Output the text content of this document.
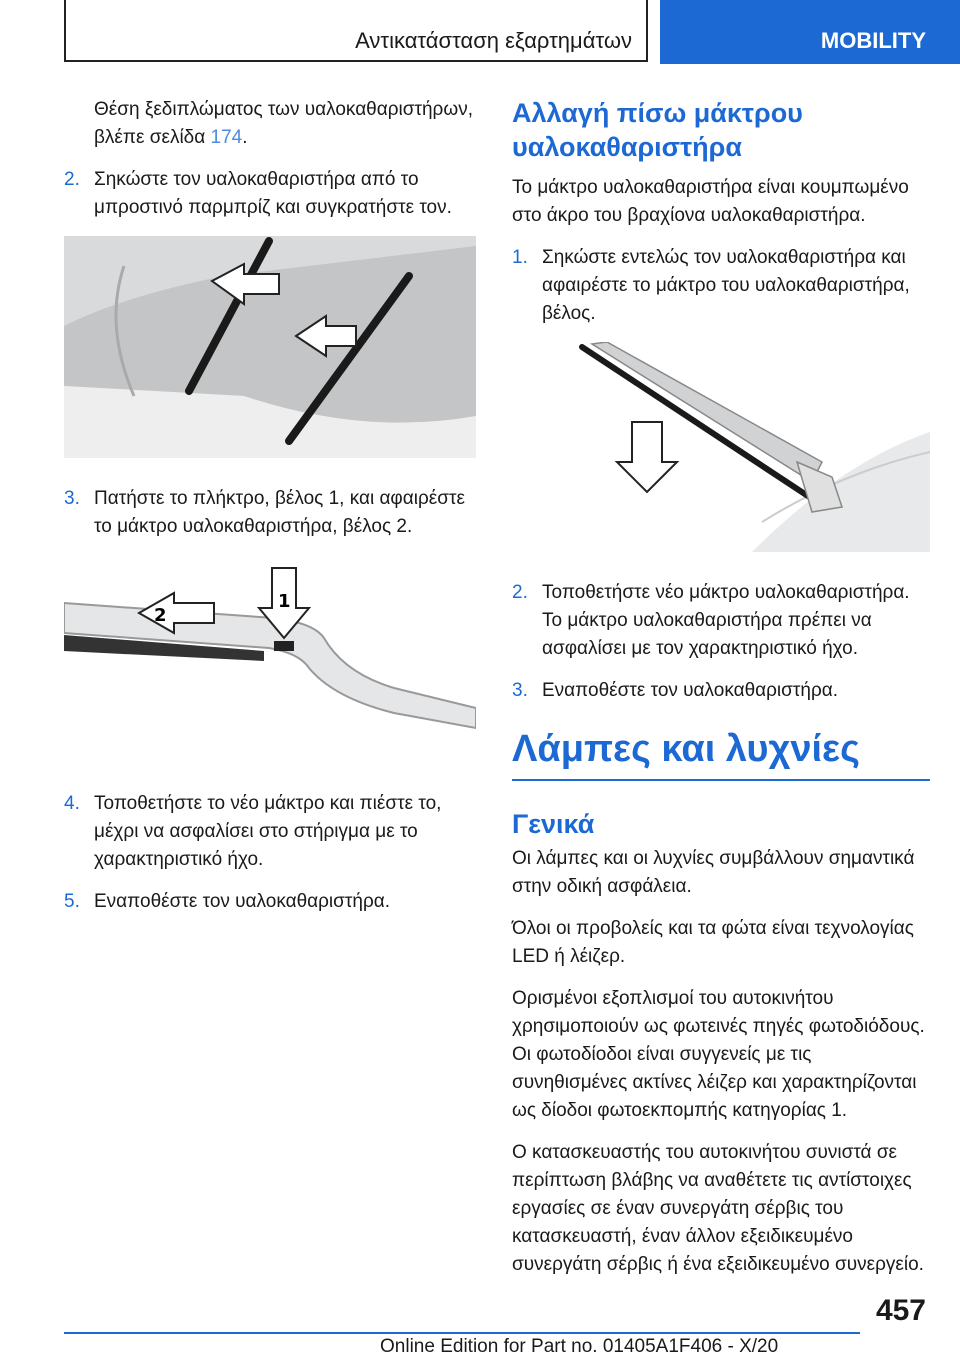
Αντικατάσταση εξαρτημάτων	MOBILITY

Θέση ξεδιπλώματος των υαλοκαθαριστήρων, βλέπε σελίδα 174.

2. Σηκώστε τον υαλοκαθαριστήρα από το μπροστινό παρμπρίζ και συγκρατήστε τον.
3. Πατήστε το πλήκτρο, βέλος 1, και αφαιρέστε το μάκτρο υαλοκαθαριστήρα, βέλος 2.
2
1
4. Τοποθετήστε το νέο μάκτρο και πιέστε το, μέχρι να ασφαλίσει στο στήριγμα με το χαρακτηριστικό ήχο.
5. Εναποθέστε τον υαλοκαθαριστήρα.
Αλλαγή πίσω μάκτρου υαλοκαθαριστήρα

Το μάκτρο υαλοκαθαριστήρα είναι κουμπωμένο στο άκρο του βραχίονα υαλοκαθαριστήρα.

1. Σηκώστε εντελώς τον υαλοκαθαριστήρα και αφαιρέστε το μάκτρο του υαλοκαθαριστήρα, βέλος.
2. Τοποθετήστε νέο μάκτρο υαλοκαθαριστήρα. Το μάκτρο υαλοκαθαριστήρα πρέπει να ασφαλίσει με τον χαρακτηριστικό ήχο.
3. Εναποθέστε τον υαλοκαθαριστήρα.
Λάμπες και λυχνίες
Γενικά

Οι λάμπες και οι λυχνίες συμβάλλουν σημαντικά στην οδική ασφάλεια.

Όλοι οι προβολείς και τα φώτα είναι τεχνολογίας LED ή λέιζερ.

Ορισμένοι εξοπλισμοί του αυτοκινήτου χρησιμοποιούν ως φωτεινές πηγές φωτοδιόδους. Οι φωτοδίοδοι είναι συγγενείς με τις συνηθισμένες ακτίνες λέιζερ και χαρακτηρίζονται ως δίοδοι φωτοεκπομπής κατηγορίας 1.

Ο κατασκευαστής του αυτοκινήτου συνιστά σε περίπτωση βλάβης να αναθέτετε τις αντίστοιχες εργασίες σε έναν συνεργάτη σέρβις του κατασκευαστή, έναν άλλον εξειδικευμένο συνεργάτη σέρβις ή ένα εξειδικευμένο συνεργείο.

457
Online Edition for Part no. 01405A1F406 - X/20
